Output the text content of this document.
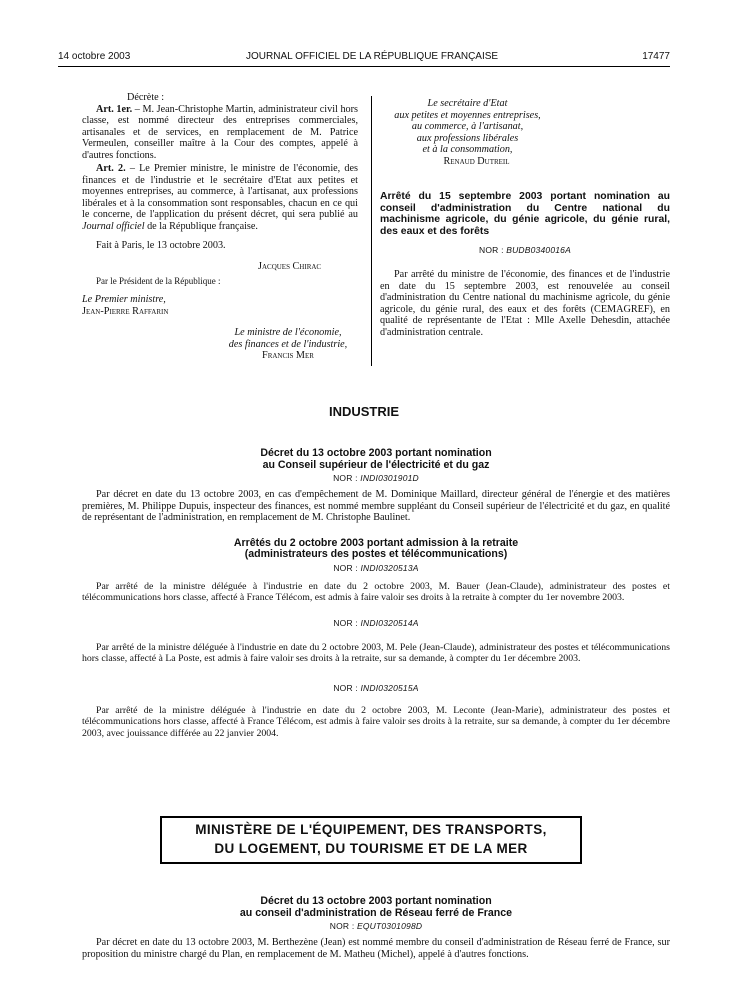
14 octobre 2003	JOURNAL OFFICIEL DE LA RÉPUBLIQUE FRANÇAISE	17477

Décrète :

Art. 1er. – M. Jean-Christophe Martin, administrateur civil hors classe, est nommé directeur des entreprises commerciales, artisanales et de services, en remplacement de M. Patrice Vermeulen, conseiller maître à la Cour des comptes, appelé à d'autres fonctions.

Art. 2. – Le Premier ministre, le ministre de l'économie, des finances et de l'industrie et le secrétaire d'Etat aux petites et moyennes entreprises, au commerce, à l'artisanat, aux professions libérales et à la consommation sont responsables, chacun en ce qui le concerne, de l'application du présent décret, qui sera publié au Journal officiel de la République française.

Fait à Paris, le 13 octobre 2003.

Jacques Chirac

Par le Président de la République :

Le Premier ministre,

Jean-Pierre Raffarin

Le ministre de l'économie,

des finances et de l'industrie,

Francis Mer

Le secrétaire d'Etat

aux petites et moyennes entreprises,

au commerce, à l'artisanat,

aux professions libérales

et à la consommation,

Renaud Dutreil

Arrêté du 15 septembre 2003 portant nomination au conseil d'administration du Centre national du machinisme agricole, du génie agricole, du génie rural, des eaux et des forêts

NOR : BUDB0340016A

Par arrêté du ministre de l'économie, des finances et de l'industrie en date du 15 septembre 2003, est renouvelée au conseil d'administration du Centre national du machinisme agricole, du génie agricole, du génie rural, des eaux et des forêts (CEMAGREF), en qualité de représentante de l'Etat : Mlle Axelle Dehesdin, attachée d'administration centrale.

INDUSTRIE
Décret du 13 octobre 2003 portant nomination
au Conseil supérieur de l'électricité et du gaz

NOR : INDI0301901D

Par décret en date du 13 octobre 2003, en cas d'empêchement de M. Dominique Maillard, directeur général de l'énergie et des matières premières, M. Philippe Dupuis, inspecteur des finances, est nommé membre suppléant du Conseil supérieur de l'électricité et du gaz, en qualité de représentant de l'administration, en remplacement de M. Christophe Baulinet.

Arrêtés du 2 octobre 2003 portant admission à la retraite
(administrateurs des postes et télécommunications)

NOR : INDI0320513A

Par arrêté de la ministre déléguée à l'industrie en date du 2 octobre 2003, M. Bauer (Jean-Claude), administrateur des postes et télécommunications hors classe, affecté à France Télécom, est admis à faire valoir ses droits à la retraite à compter du 1er novembre 2003.

NOR : INDI0320514A

Par arrêté de la ministre déléguée à l'industrie en date du 2 octobre 2003, M. Pele (Jean-Claude), administrateur des postes et télécommunications hors classe, affecté à La Poste, est admis à faire valoir ses droits à la retraite, sur sa demande, à compter du 1er décembre 2003.

NOR : INDI0320515A

Par arrêté de la ministre déléguée à l'industrie en date du 2 octobre 2003, M. Leconte (Jean-Marie), administrateur des postes et télécommunications hors classe, affecté à France Télécom, est admis à faire valoir ses droits à la retraite, sur sa demande, à compter du 1er décembre 2003, avec jouissance différée au 22 janvier 2004.

MINISTÈRE DE L'ÉQUIPEMENT, DES TRANSPORTS,
DU LOGEMENT, DU TOURISME ET DE LA MER
Décret du 13 octobre 2003 portant nomination
au conseil d'administration de Réseau ferré de France

NOR : EQUT0301098D

Par décret en date du 13 octobre 2003, M. Berthezène (Jean) est nommé membre du conseil d'administration de Réseau ferré de France, sur proposition du ministre chargé du Plan, en remplacement de M. Matheu (Michel), appelé à d'autres fonctions.
